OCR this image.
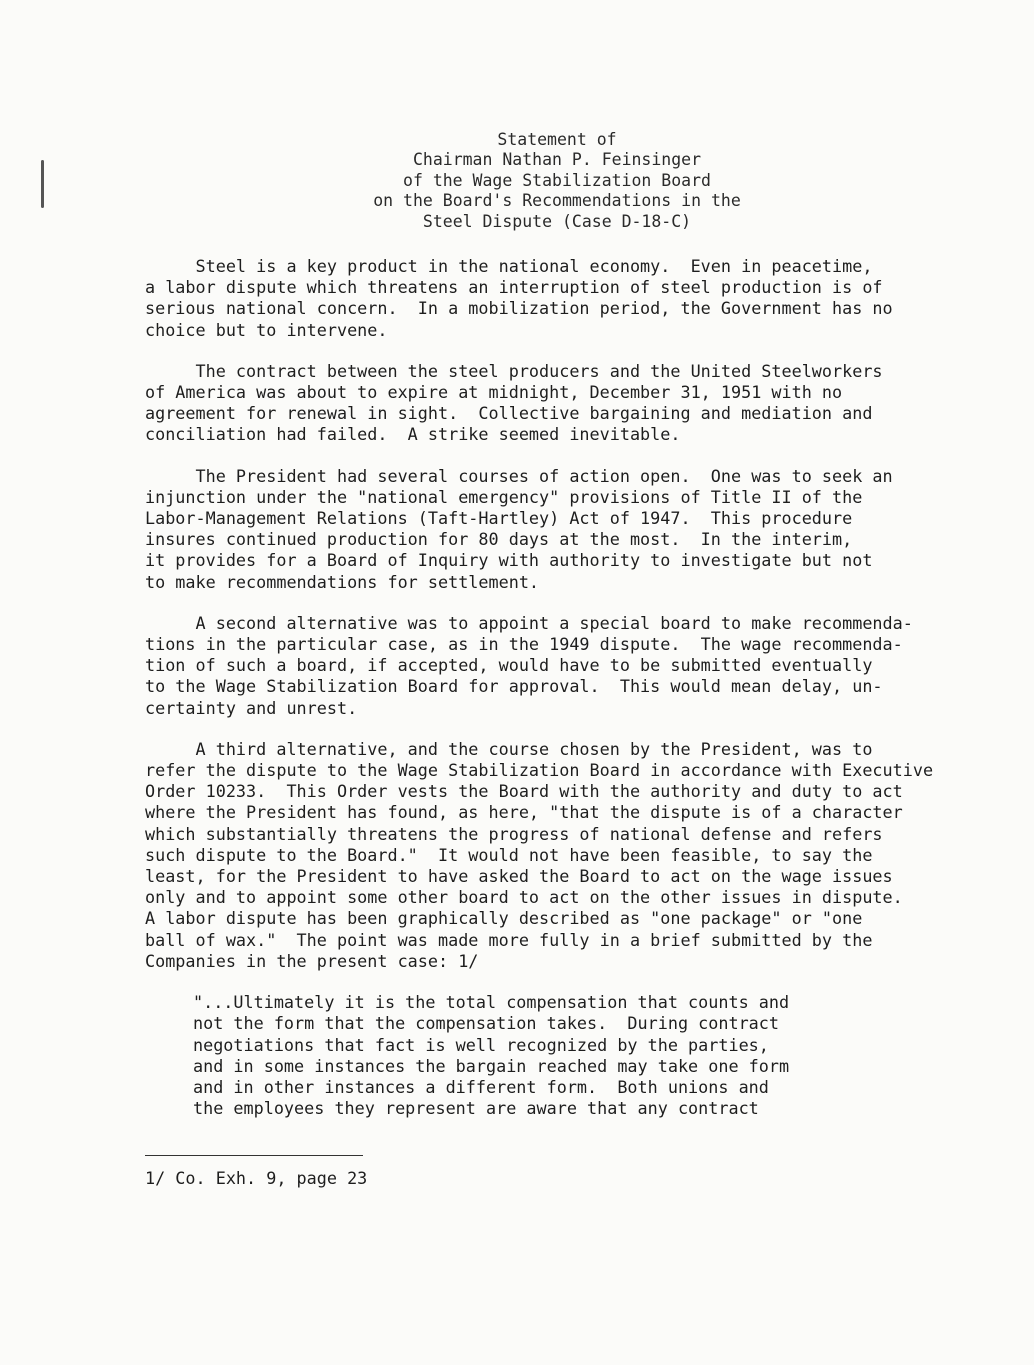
Statement of
Chairman Nathan P. Feinsinger
of the Wage Stabilization Board
on the Board's Recommendations in the
Steel Dispute (Case D-18-C)
Steel is a key product in the national economy.  Even in peacetime,
a labor dispute which threatens an interruption of steel production is of
serious national concern.  In a mobilization period, the Government has no
choice but to intervene.
The contract between the steel producers and the United Steelworkers
of America was about to expire at midnight, December 31, 1951 with no
agreement for renewal in sight.  Collective bargaining and mediation and
conciliation had failed.  A strike seemed inevitable.
The President had several courses of action open.  One was to seek an
injunction under the "national emergency" provisions of Title II of the
Labor-Management Relations (Taft-Hartley) Act of 1947.  This procedure
insures continued production for 80 days at the most.  In the interim,
it provides for a Board of Inquiry with authority to investigate but not
to make recommendations for settlement.
A second alternative was to appoint a special board to make recommenda-
tions in the particular case, as in the 1949 dispute.  The wage recommenda-
tion of such a board, if accepted, would have to be submitted eventually
to the Wage Stabilization Board for approval.  This would mean delay, un-
certainty and unrest.
A third alternative, and the course chosen by the President, was to
refer the dispute to the Wage Stabilization Board in accordance with Executive
Order 10233.  This Order vests the Board with the authority and duty to act
where the President has found, as here, "that the dispute is of a character
which substantially threatens the progress of national defense and refers
such dispute to the Board."  It would not have been feasible, to say the
least, for the President to have asked the Board to act on the wage issues
only and to appoint some other board to act on the other issues in dispute.
A labor dispute has been graphically described as "one package" or "one
ball of wax."  The point was made more fully in a brief submitted by the
Companies in the present case: 1/
"...Ultimately it is the total compensation that counts and
not the form that the compensation takes.  During contract
negotiations that fact is well recognized by the parties,
and in some instances the bargain reached may take one form
and in other instances a different form.  Both unions and
the employees they represent are aware that any contract
1/ Co. Exh. 9, page 23
